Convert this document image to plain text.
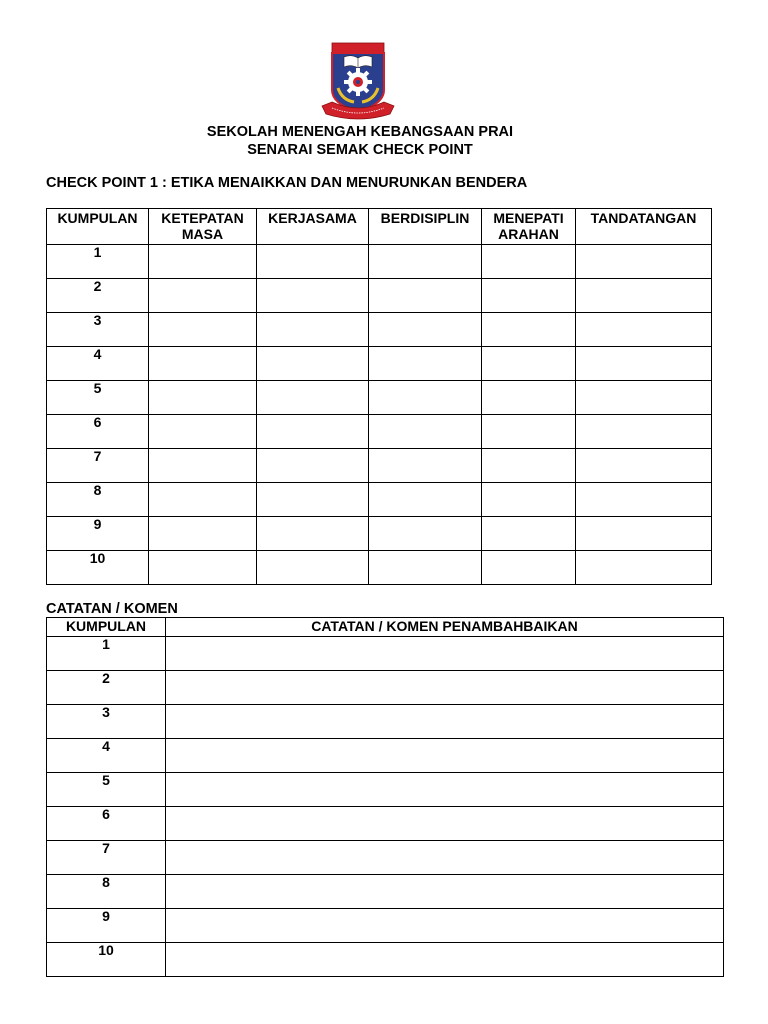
SEKOLAH MENENGAH KEBANGSAAN PRAI
SENARAI SEMAK CHECK POINT
CHECK POINT 1 : ETIKA MENAIKKAN DAN MENURUNKAN BENDERA
KUMPULAN	KETEPATAN MASA	KERJASAMA	BERDISIPLIN	MENEPATI ARAHAN	TANDATANGAN
1					
2					
3					
4					
5					
6					
7					
8					
9					
10					
CATATAN / KOMEN
KUMPULAN	CATATAN / KOMEN PENAMBAHBAIKAN
1	
2	
3	
4	
5	
6	
7	
8	
9	
10	
